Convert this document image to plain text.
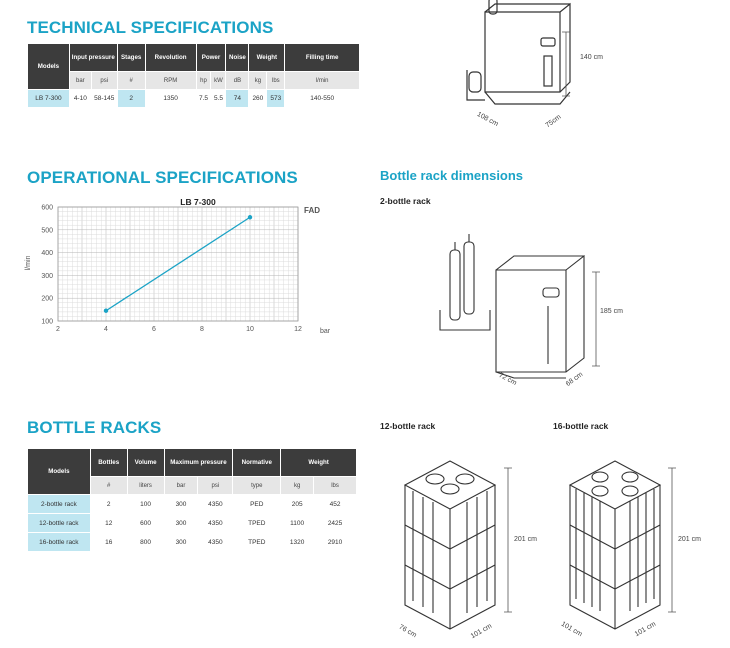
TECHNICAL SPECIFICATIONS
Models	Input pressure		Stages	Revolution	Power		Noise	Weight		Filling time
	bar	psi	#	RPM	hp	kW	dB	kg	lbs	l/min
LB 7-300	4-10	58-145	2	1350	7.5	5.5	74	260	573	140-550
140 cm
108 cm	75cm
OPERATIONAL SPECIFICATIONS
LB 7-300
FAD
l/min
bar
2	4	6	8	10	12
100
200
300
400
500
600
Bottle rack dimensions
2-bottle rack
185 cm
72 cm	68 cm
BOTTLE RACKS
Models	Bottles	Volume	Maximum pressure		Normative	Weight	
	#	liters	bar	psi	type	kg	lbs
2-bottle rack	2	100	300	4350	PED	205	452
12-bottle rack	12	600	300	4350	TPED	1100	2425
16-bottle rack	16	800	300	4350	TPED	1320	2910
12-bottle rack
201 cm
76 cm	101 cm
16-bottle rack
201 cm
101 cm	101 cm
